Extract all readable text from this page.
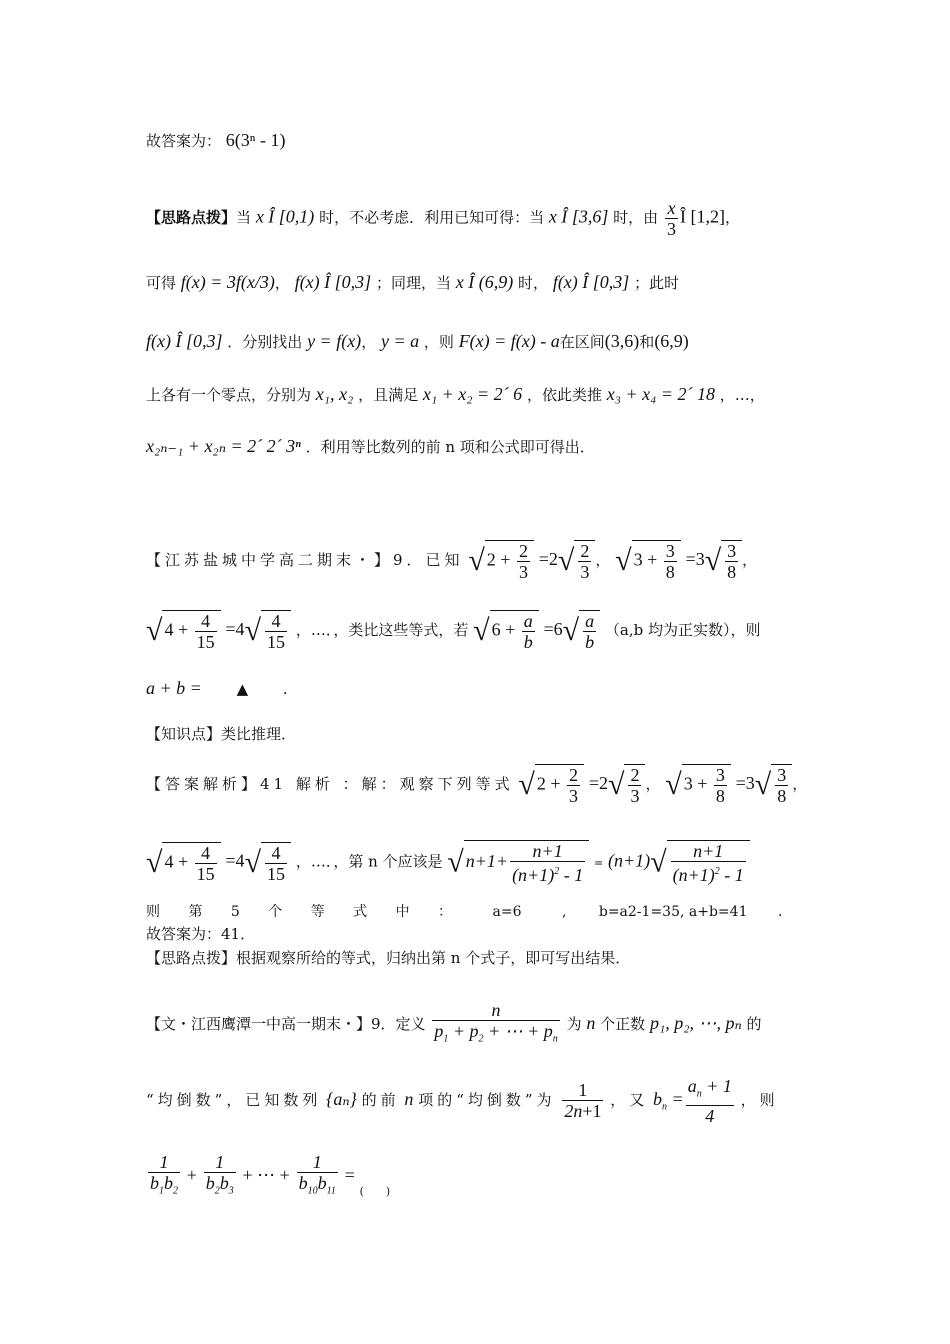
故答案为： 6(3ⁿ - 1)
【思路点拨】当 x Î [0,1) 时，不必考虑．利用已知可得：当 x Î [3,6] 时，由 $\frac{x}{3}$ Î [1,2]，
可得 f(x) = 3f(x/3)， f(x) Î [0,3] ；同理，当 x Î (6,9) 时， f(x) Î [0,3] ；此时
f(x) Î [0,3] ．分别找出 y = f(x)， y = a ，则 F(x) = f(x) - a在区间(3,6)和(6,9)
上各有一个零点，分别为 x₁, x₂ ，且满足 x₁ + x₂ = 2´ 6 ，依此类推 x₃ + x₄ = 2´ 18 ，…，
x₂ₙ₋₁ + x₂ₙ = 2´ 2´ 3ⁿ ．利用等比数列的前 n 项和公式即可得出．
【江苏盐城中学高二期末・】9．已知 √ $2 + \frac{2}{3} =2√ \frac{2}{3}$ ， √ $3 + \frac{3}{8} =3√ \frac{3}{8}$ ，
√ $4 + \frac{4}{15} =4√ \frac{4}{15}$ ，…．，类比这些等式，若 √ $6 + \frac{a}{b} =6√ \frac{a}{b} (a,b$ 均为正实数），则
a + b = ▲ .
【知识点】类比推理．
【答案解析】41 解析 ：解：观察下列等式 √ $2 + \frac{2}{3} =2√ \frac{2}{3}$ ， √ $3 + \frac{3}{8} =3√ \frac{3}{8}$ ，
√ $4 + \frac{4}{15} =4√ \frac{4}{15}$ ，…．，第 n 个应该是 √ $n+1+ \frac{n+1}{(n+1)^2 - 1} = (n+1)√ \frac{n+1}{(n+1)^2 - 1}$
则 第 5 个 等 式 中 ： a=6	, b=a2-1=35, a+b=41 .
故答案为：41．
【思路点拨】根据观察所给的等式，归纳出第 n 个式子，即可写出结果．
【文・江西鹰潭一中高一期末・】9．定义 $\frac{n}{p_1 + p_2 + \cdots + p_n}$ 为 n 个正数 p₁, p₂, ⋯, pₙ 的
“均倒数”，已知数列 {aₙ} 的前 n 项的“均倒数”为 $\frac{1}{2n+1}$ ，又 $b_n = \frac{a_n + 1}{4}$ ，则
$\frac{1}{b_1b_2} + \frac{1}{b_2b_3}$ + ⋯ + $\frac{1}{b_{10}b_{11}} = _{( )}$
